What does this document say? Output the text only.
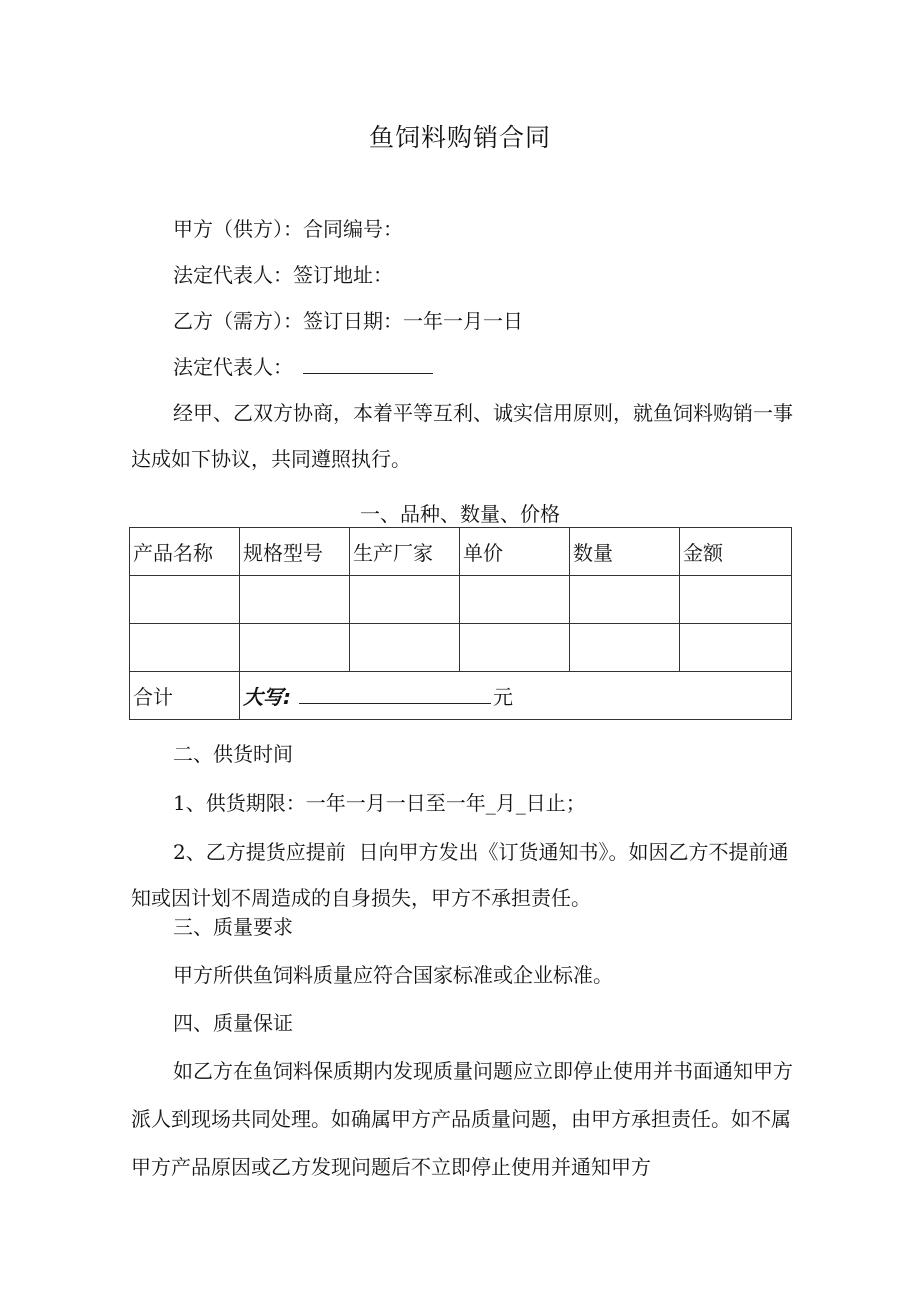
鱼饲料购销合同
甲方（供方）：合同编号：
法定代表人：签订地址：
乙方（需方）：签订日期：一年一月一日
法定代表人：
经甲、乙双方协商，本着平等互利、诚实信用原则，就鱼饲料购销一事达成如下协议，共同遵照执行。
一、品种、数量、价格
产品名称	规格型号	生产厂家	单价	数量	金额

合计	大写: 元				
二、供货时间
1、供货期限：一年一月一日至一年_月_日止；
2、乙方提货应提前  日向甲方发出《订货通知书》。如因乙方不提前通知或因计划不周造成的自身损失，甲方不承担责任。
三、质量要求
甲方所供鱼饲料质量应符合国家标准或企业标准。
四、质量保证
如乙方在鱼饲料保质期内发现质量问题应立即停止使用并书面通知甲方派人到现场共同处理。如确属甲方产品质量问题，由甲方承担责任。如不属甲方产品原因或乙方发现问题后不立即停止使用并通知甲方
